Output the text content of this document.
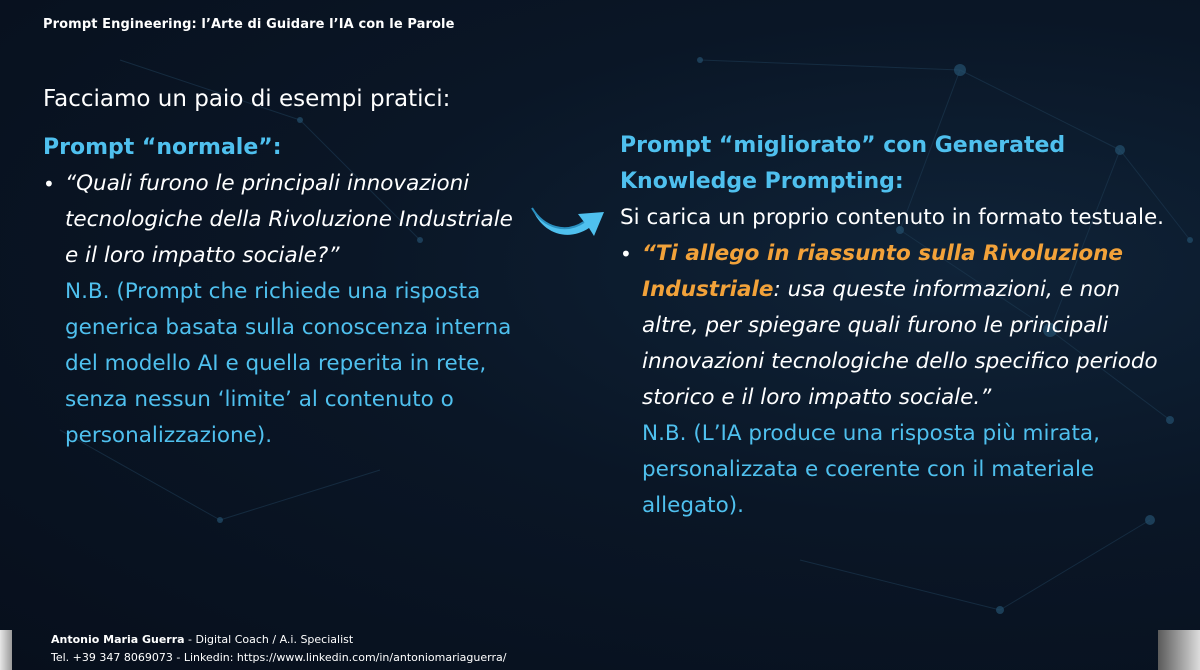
Prompt Engineering: l’Arte di Guidare l’IA con le Parole
Facciamo un paio di esempi pratici:
Prompt “normale”:
• “Quali furono le principali innovazioni tecnologiche della Rivoluzione Industriale e il loro impatto sociale?”
N.B. (Prompt che richiede una risposta generica basata sulla conoscenza interna del modello AI e quella reperita in rete, senza nessun ‘limite’ al contenuto o personalizzazione).
Prompt “migliorato” con Generated Knowledge Prompting:
Si carica un proprio contenuto in formato testuale.
• “Ti allego in riassunto sulla Rivoluzione Industriale: usa queste informazioni, e non altre, per spiegare quali furono le principali innovazioni tecnologiche dello specifico periodo storico e il loro impatto sociale.”
N.B. (L’IA produce una risposta più mirata, personalizzata e coerente con il materiale allegato).
Antonio Maria Guerra - Digital Coach / A.i. Specialist
Tel. +39 347 8069073 - Linkedin: https://www.linkedin.com/in/antoniomariaguerra/
